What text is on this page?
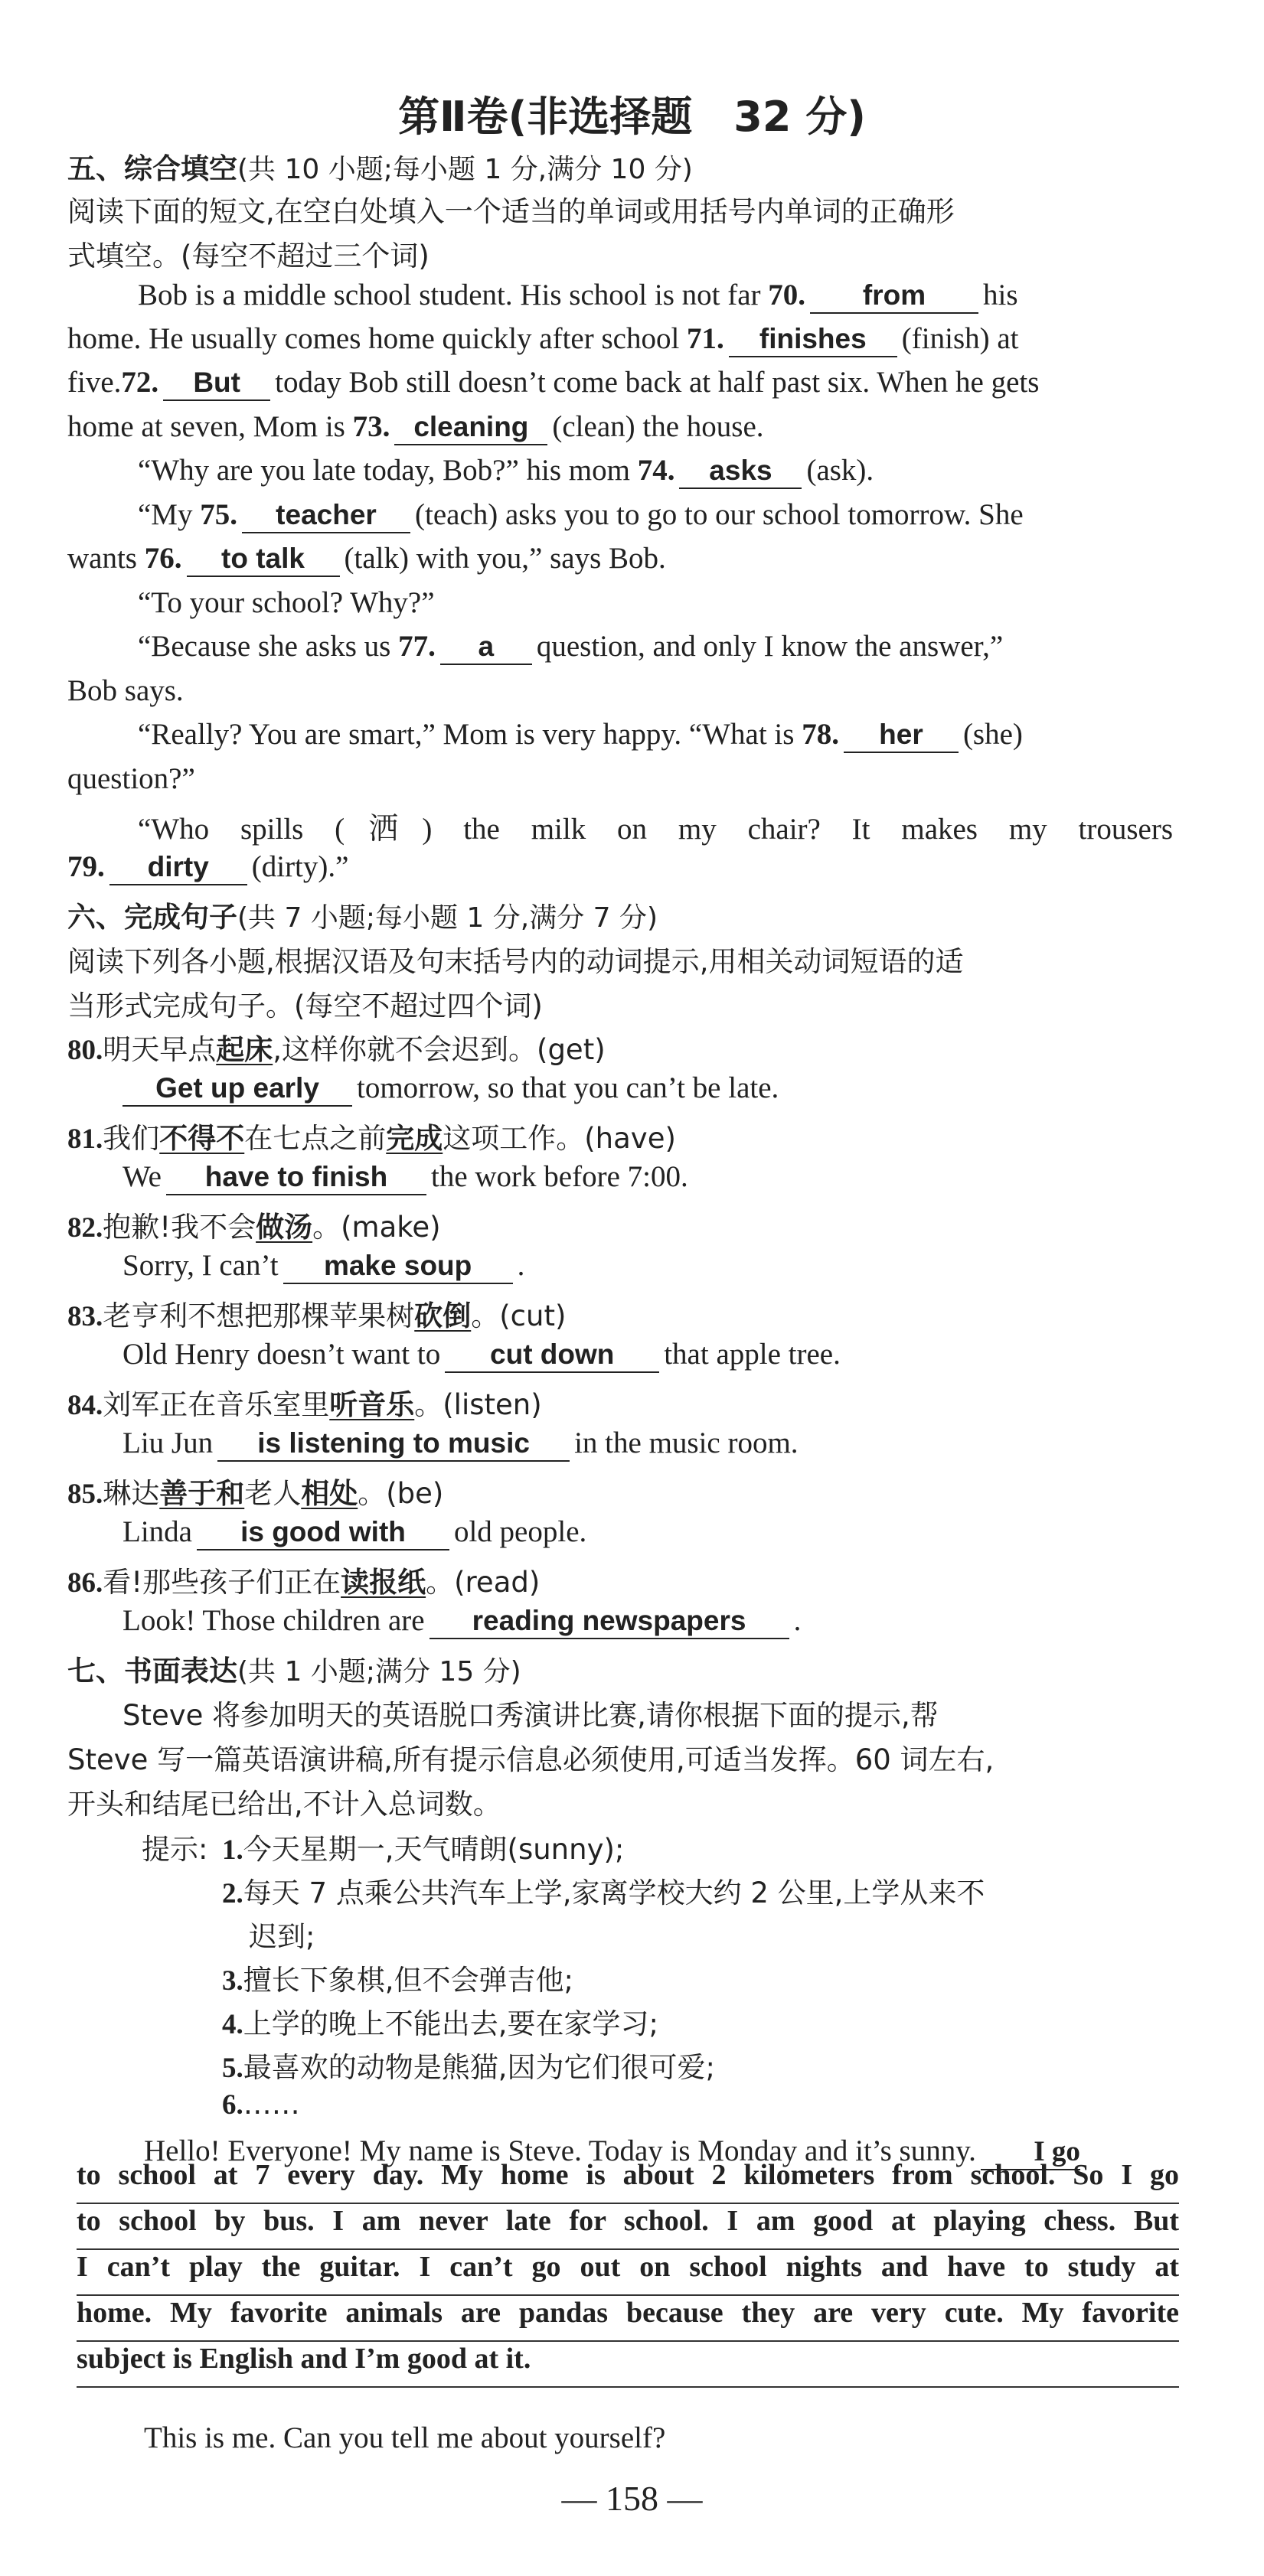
第Ⅱ卷(非选择题　32 分)
五、综合填空(共 10 小题;每小题 1 分,满分 10 分)
阅读下面的短文,在空白处填入一个适当的单词或用括号内单词的正确形
式填空。(每空不超过三个词)
Bob is a middle school student. His school is not far 70. from his
home. He usually comes home quickly after school 71. finishes (finish) at
five.72. But today Bob still doesn’t come back at half past six. When he gets
home at seven, Mom is 73. cleaning (clean) the house.
“Why are you late today, Bob?” his mom 74. asks (ask).
“My 75. teacher (teach) asks you to go to our school tomorrow. She
wants 76. to talk (talk) with you,” says Bob.
“To your school? Why?”
“Because she asks us 77. a question, and only I know the answer,”
Bob says.
“Really? You are smart,” Mom is very happy. “What is 78. her (she)
question?”
“Who spills (洒) the milk on my chair? It makes my trousers
79. dirty (dirty).”
六、完成句子(共 7 小题;每小题 1 分,满分 7 分)
阅读下列各小题,根据汉语及句末括号内的动词提示,用相关动词短语的适
当形式完成句子。(每空不超过四个词)
80.明天早点起床,这样你就不会迟到。(get)
Get up early tomorrow, so that you can’t be late.
81.我们不得不在七点之前完成这项工作。(have)
We have to finish the work before 7:00.
82.抱歉!我不会做汤。(make)
Sorry, I can’t make soup .
83.老亨利不想把那棵苹果树砍倒。(cut)
Old Henry doesn’t want to cut down that apple tree.
84.刘军正在音乐室里听音乐。(listen)
Liu Jun is listening to music in the music room.
85.琳达善于和老人相处。(be)
Linda is good with old people.
86.看!那些孩子们正在读报纸。(read)
Look! Those children are reading newspapers .
七、书面表达(共 1 小题;满分 15 分)
Steve 将参加明天的英语脱口秀演讲比赛,请你根据下面的提示,帮
Steve 写一篇英语演讲稿,所有提示信息必须使用,可适当发挥。60 词左右,
开头和结尾已给出,不计入总词数。
提示: 1.今天星期一,天气晴朗(sunny);
2.每天 7 点乘公共汽车上学,家离学校大约 2 公里,上学从来不
迟到;
3.擅长下象棋,但不会弹吉他;
4.上学的晚上不能出去,要在家学习;
5.最喜欢的动物是熊猫,因为它们很可爱;
6.……
Hello! Everyone! My name is Steve. Today is Monday and it’s sunny. I go
to school at 7 every day. My home is about 2 kilometers from school. So I go
to school by bus. I am never late for school. I am good at playing chess. But
I can’t play the guitar. I can’t go out on school nights and have to study at
home. My favorite animals are pandas because they are very cute. My favorite
subject is English and I’m good at it.
This is me. Can you tell me about yourself?
— 158 —
